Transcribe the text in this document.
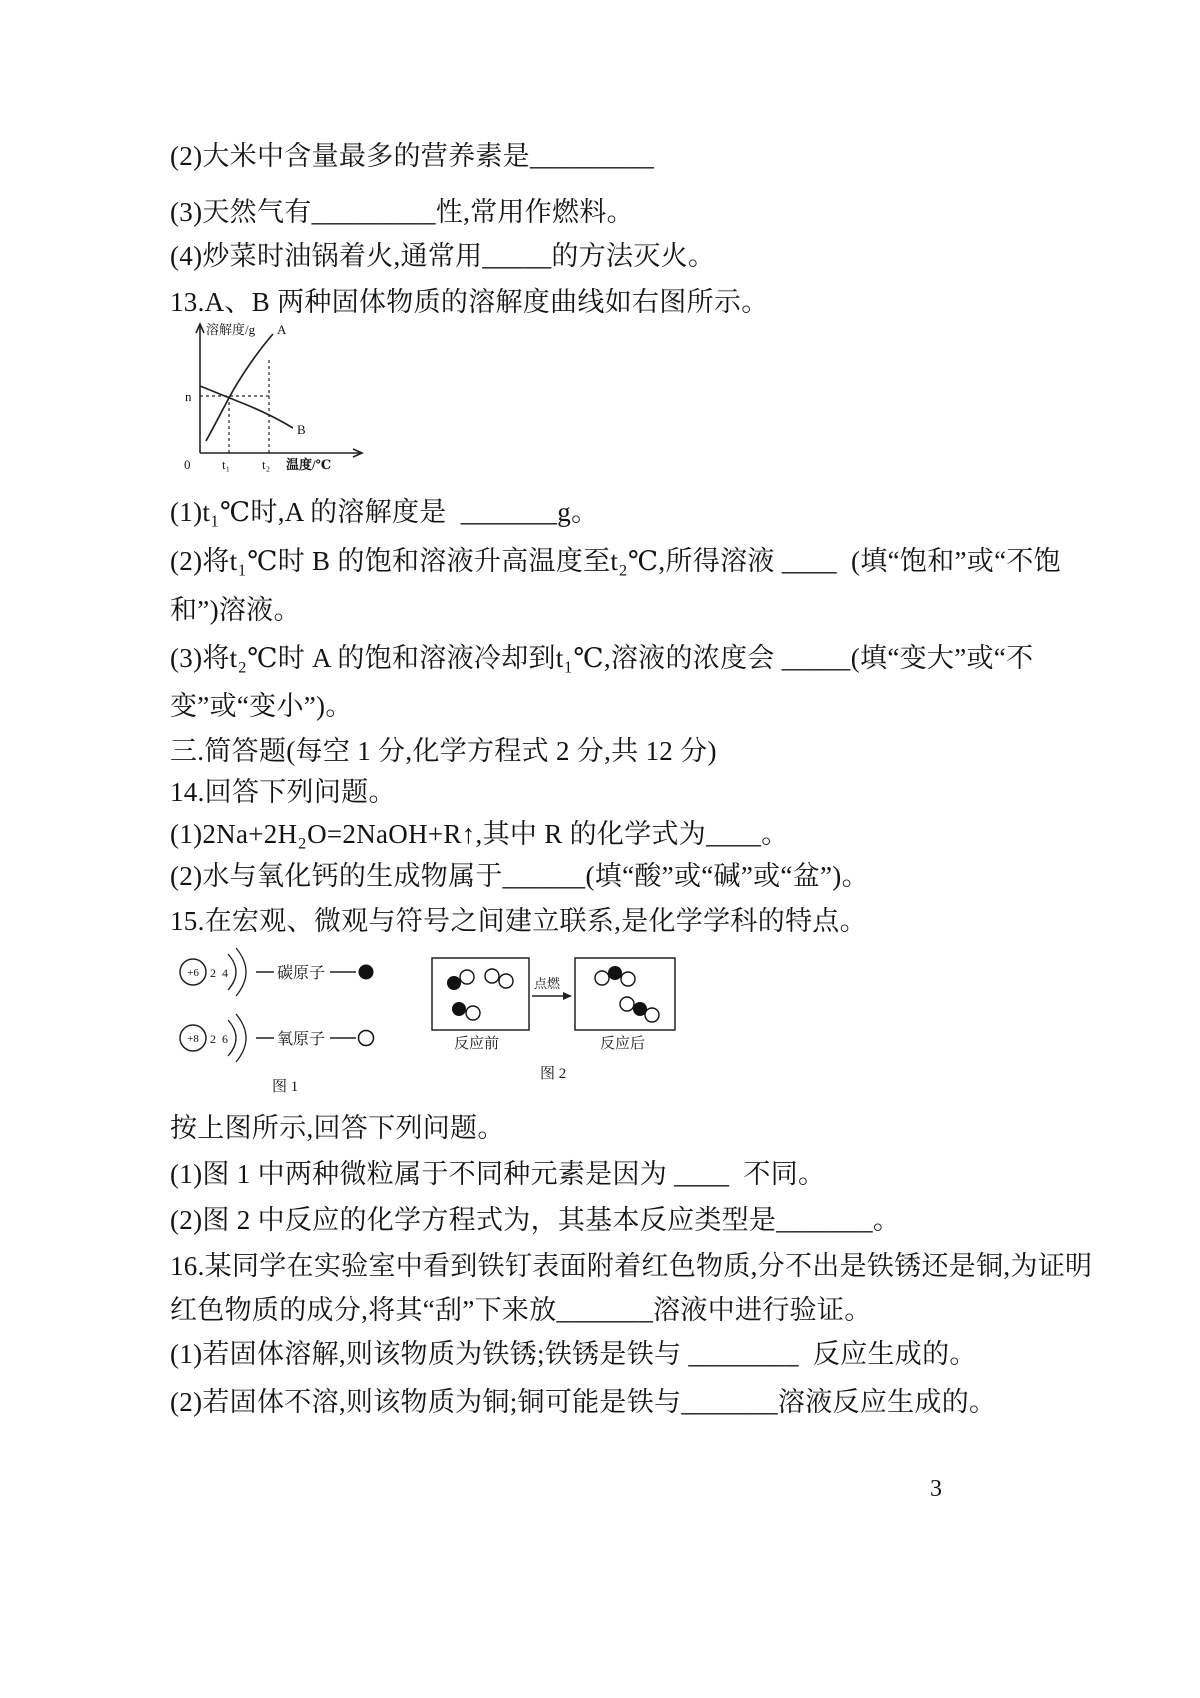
(2)大米中含量最多的营养素是_________

(3)天然气有_________性,常用作燃料。

(4)炒菜时油锅着火,通常用_____的方法灭火。

13.A、B 两种固体物质的溶解度曲线如右图所示。

溶解度/g A
B
n
0 t₁ t₂ 温度/℃

(1)t₁℃时,A 的溶解度是  _______g。

(2)将t₁℃时 B 的饱和溶液升高温度至t₂℃,所得溶液 ____  (填“饱和”或“不饱

和”)溶液。

(3)将t₂℃时 A 的饱和溶液冷却到t₁℃,溶液的浓度会 _____(填“变大”或“不

变”或“变小”)。

三.简答题(每空 1 分,化学方程式 2 分,共 12 分)

14.回答下列问题。

(1)2Na+2H₂O=2NaOH+R↑,其中 R 的化学式为____。

(2)水与氧化钙的生成物属于______(填“酸”或“碱”或“盆”)。

15.在宏观、微观与符号之间建立联系,是化学学科的特点。

+6 2 4	碳原子
+8 2 6	氧原子
图 1
点燃
反应前	反应后
图 2

按上图所示,回答下列问题。

(1)图 1 中两种微粒属于不同种元素是因为 ____  不同。

(2)图 2 中反应的化学方程式为，其基本反应类型是_______。

16.某同学在实验室中看到铁钉表面附着红色物质,分不出是铁锈还是铜,为证明

红色物质的成分,将其“刮”下来放_______溶液中进行验证。

(1)若固体溶解,则该物质为铁锈;铁锈是铁与 ________  反应生成的。

(2)若固体不溶,则该物质为铜;铜可能是铁与_______溶液反应生成的。

3
